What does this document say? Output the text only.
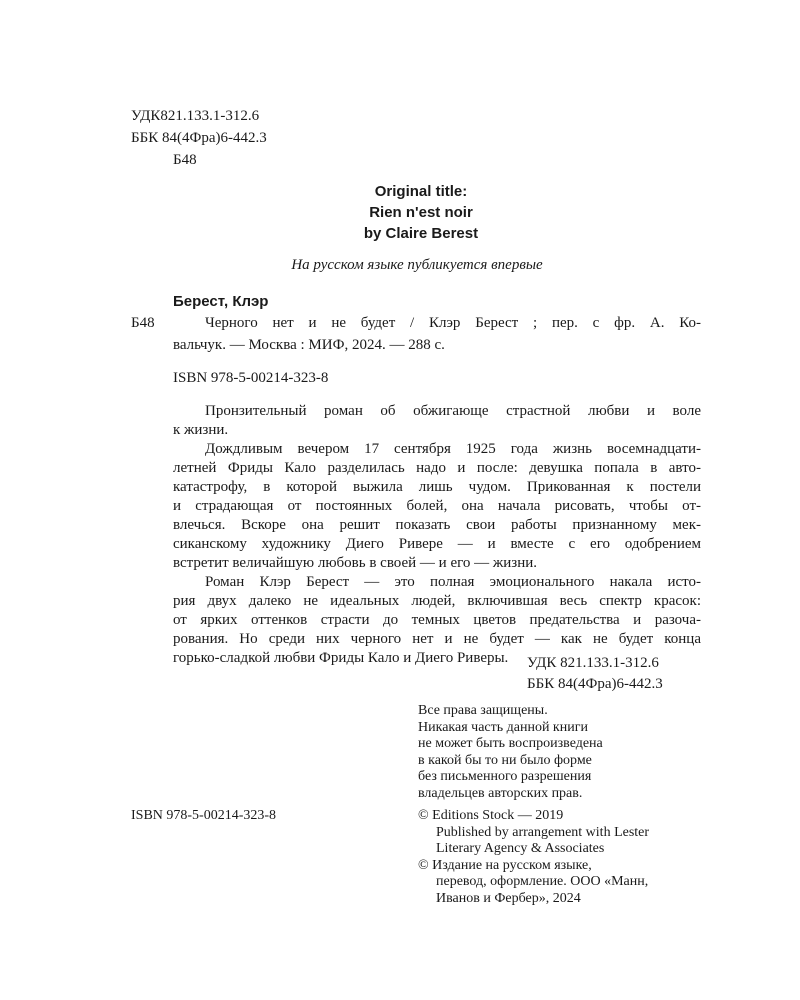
УДК821.133.1-312.6
ББК 84(4Фра)6-442.3
Б48
Original title:
Rien n'est noir
by Claire Berest
На русском языке публикуется впервые
Берест, Клэр
Б48	Черного нет и не будет / Клэр Берест ; пер. с фр. А. Ко-
вальчук. — Москва : МИФ, 2024. — 288 с.
ISBN 978-5-00214-323-8
Пронзительный роман об обжигающе страстной любви и воле
к жизни.
Дождливым вечером 17 сентября 1925 года жизнь восемнадцати-
летней Фриды Кало разделилась надо и после: девушка попала в авто-
катастрофу, в которой выжила лишь чудом. Прикованная к постели
и страдающая от постоянных болей, она начала рисовать, чтобы от-
влечься. Вскоре она решит показать свои работы признанному мек-
сиканскому художнику Диего Ривере — и вместе с его одобрением
встретит величайшую любовь в своей — и его — жизни.
Роман Клэр Берест — это полная эмоционального накала исто-
рия двух далеко не идеальных людей, включившая весь спектр красок:
от ярких оттенков страсти до темных цветов предательства и разоча-
рования. Но среди них черного нет и не будет — как не будет конца
горько-сладкой любви Фриды Кало и Диего Риверы. УДК 821.133.1-312.6
ББК 84(4Фра)6-442.3
Все права защищены.
Никакая часть данной книги
не может быть воспроизведена
в какой бы то ни было форме
без письменного разрешения
владельцев авторских прав.
ISBN 978-5-00214-323-8	© Editions Stock — 2019
Published by arrangement with Lester
Literary Agency & Associates
© Издание на русском языке,
перевод, оформление. ООО «Манн,
Иванов и Фербер», 2024
